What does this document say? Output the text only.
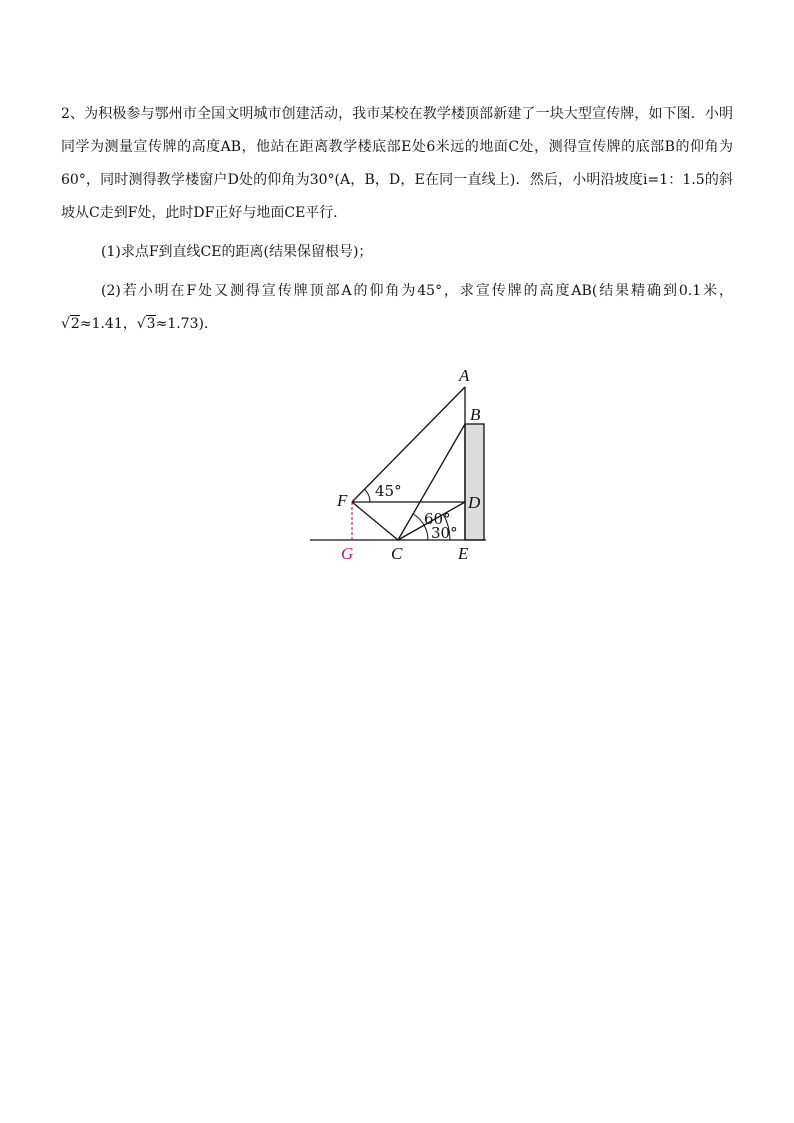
2、为积极参与鄂州市全国文明城市创建活动，我市某校在教学楼顶部新建了一块大型宣传牌，如下图．小明同学为测量宣传牌的高度AB，他站在距离教学楼底部E处6米远的地面C处，测得宣传牌的底部B的仰角为60°，同时测得教学楼窗户D处的仰角为30°(A，B，D，E在同一直线上)．然后，小明沿坡度i=1：1.5的斜坡从C走到F处，此时DF正好与地面CE平行．

(1)求点F到直线CE的距离(结果保留根号)；

(2)若小明在F处又测得宣传牌顶部A的仰角为45°，求宣传牌的高度AB(结果精确到0.1米，√2≈1.41，√3≈1.73)．

45°
60°
30°
A
B
F	D
G C	E
